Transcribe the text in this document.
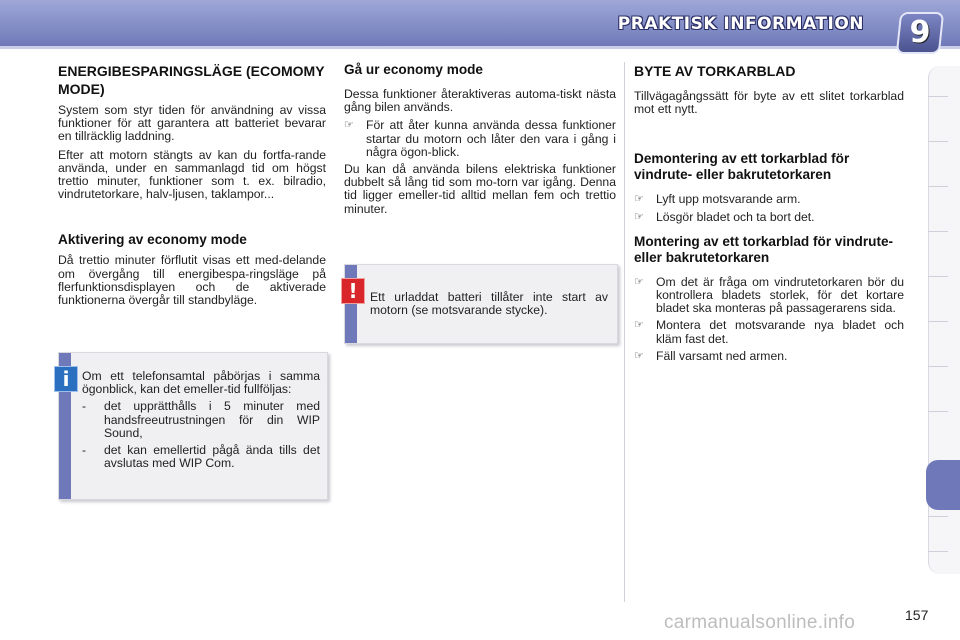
PRAKTISK INFORMATION	9
ENERGIBESPARINGSLÄGE (ECOMOMY MODE)

System som styr tiden för användning av vissa funktioner för att garantera att batteriet bevarar en tillräcklig laddning.

Efter att motorn stängts av kan du fortfa-rande använda, under en sammanlagd tid om högst trettio minuter, funktioner som t. ex. bilradio, vindrutetorkare, halv-ljusen, taklampor...

Aktivering av economy mode

Då trettio minuter förflutit visas ett med-delande om övergång till energibespa-ringsläge på flerfunktionsdisplayen och de aktiverade funktionerna övergår till standbyläge.

i	Om ett telefonsamtal påbörjas i samma ögonblick, kan det emeller-tid fullföljas:

-	det upprätthålls i 5 minuter med handsfreeutrustningen för din WIP Sound,
-	det kan emellertid pågå ända tills det avslutas med WIP Com.
Gå ur economy mode

Dessa funktioner återaktiveras automa-tiskt nästa gång bilen används.

☞ För att åter kunna använda dessa funktioner startar du motorn och låter den vara i gång i några ögon-blick.

Du kan då använda bilens elektriska funktioner dubbelt så lång tid som mo-torn var igång. Denna tid ligger emeller-tid alltid mellan fem och trettio minuter.

!	Ett urladdat batteri tillåter inte start av motorn (se motsvarande stycke).

BYTE AV TORKARBLAD

Tillvägagångssätt för byte av ett slitet torkarblad mot ett nytt.

Demontering av ett torkarblad för vindrute- eller bakrutetorkaren
☞ Lyft upp motsvarande arm.
☞ Lösgör bladet och ta bort det.
Montering av ett torkarblad för vindrute- eller bakrutetorkaren
☞ Om det är fråga om vindrutetorkaren bör du kontrollera bladets storlek, för det kortare bladet ska monteras på passagerarens sida.
☞ Montera det motsvarande nya bladet och kläm fast det.
☞ Fäll varsamt ned armen.
carmanualsonline.info	157
